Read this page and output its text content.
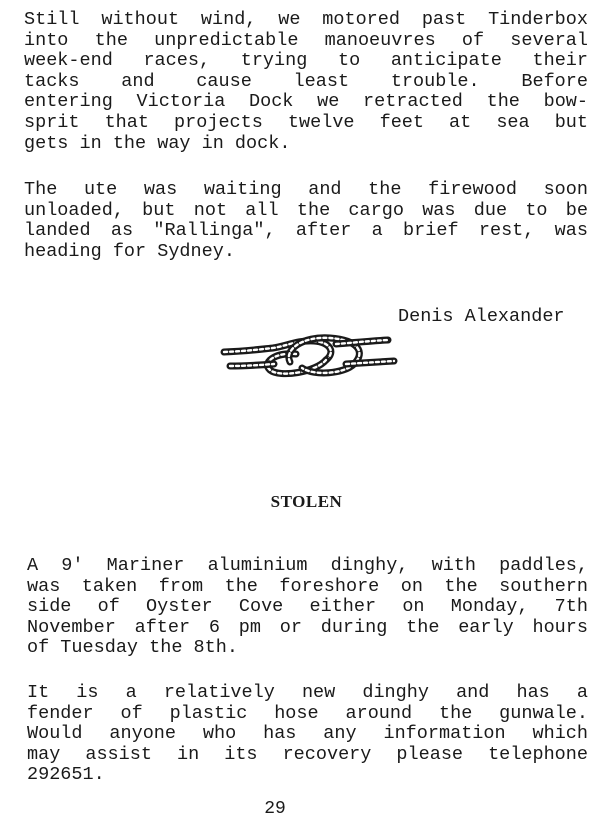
Still without wind, we motored past Tinderbox
into the unpredictable manoeuvres of several
week-end races, trying to anticipate their
tacks and cause least trouble. Before
entering Victoria Dock we retracted the bow-
sprit that projects twelve feet at sea but
gets in the way in dock.
The ute was waiting and the firewood soon
unloaded, but not all the cargo was due to be
landed as "Rallinga", after a brief rest, was
heading for Sydney.
Denis Alexander
STOLEN
A 9' Mariner aluminium dinghy, with paddles,
was taken from the foreshore on the southern
side of Oyster Cove either on Monday, 7th
November after 6 pm or during the early hours
of Tuesday the 8th.
It is a relatively new dinghy and has a
fender of plastic hose around the gunwale.
Would anyone who has any information which
may assist in its recovery please telephone
292651.
29
